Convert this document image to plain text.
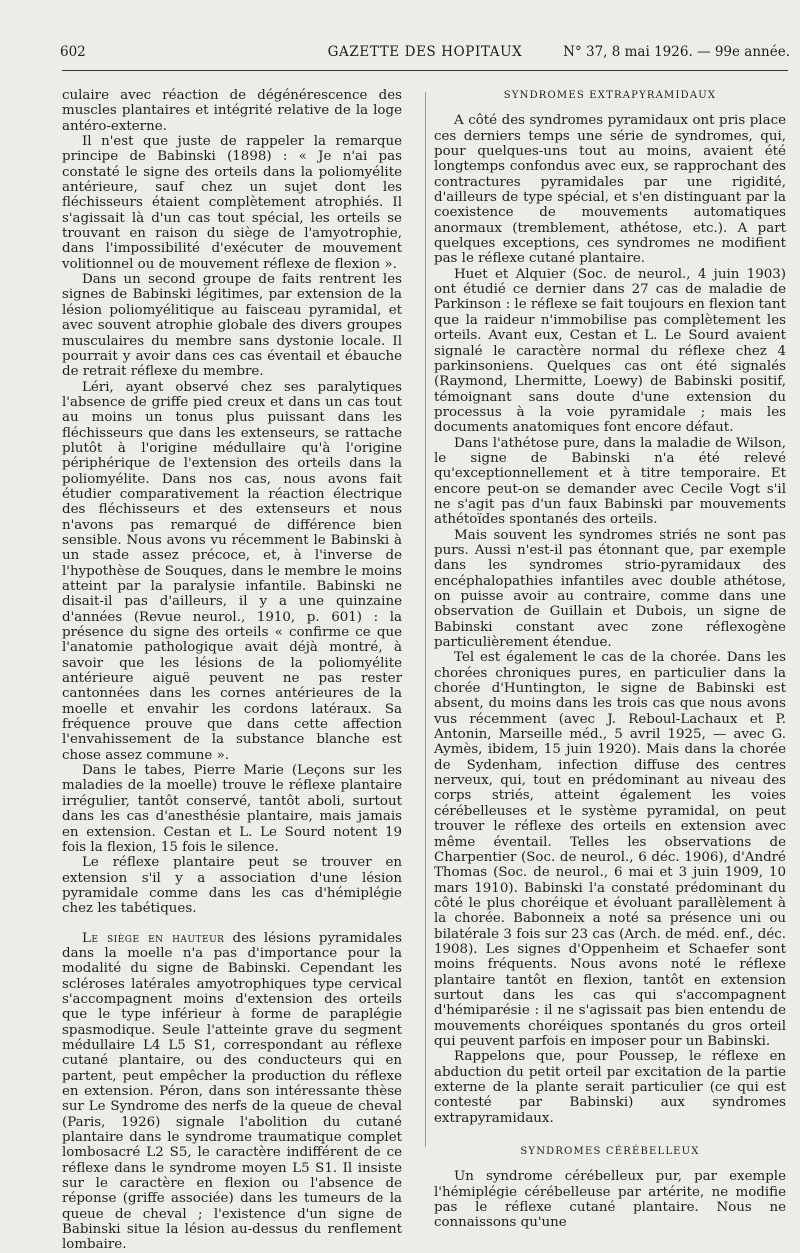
602	GAZETTE DES HOPITAUX	N° 37, 8 mai 1926. — 99e année.

culaire avec réaction de dégénérescence des muscles plantaires et intégrité relative de la loge antéro-externe.

Il n'est que juste de rappeler la remarque principe de Babinski (1898) : « Je n'ai pas constaté le signe des orteils dans la poliomyélite antérieure, sauf chez un sujet dont les fléchisseurs étaient complètement atrophiés. Il s'agissait là d'un cas tout spécial, les orteils se trouvant en raison du siège de l'amyotrophie, dans l'impossibilité d'exécuter de mouvement volitionnel ou de mouvement réflexe de flexion ».

Dans un second groupe de faits rentrent les signes de Babinski légitimes, par extension de la lésion poliomyélitique au faisceau pyramidal, et avec souvent atrophie globale des divers groupes musculaires du membre sans dystonie locale. Il pourrait y avoir dans ces cas éventail et ébauche de retrait réflexe du membre.

Léri, ayant observé chez ses paralytiques l'absence de griffe pied creux et dans un cas tout au moins un tonus plus puissant dans les fléchisseurs que dans les extenseurs, se rattache plutôt à l'origine médullaire qu'à l'origine périphérique de l'extension des orteils dans la poliomyélite. Dans nos cas, nous avons fait étudier comparativement la réaction électrique des fléchisseurs et des extenseurs et nous n'avons pas remarqué de différence bien sensible. Nous avons vu récemment le Babinski à un stade assez précoce, et, à l'inverse de l'hypothèse de Souques, dans le membre le moins atteint par la paralysie infantile. Babinski ne disait-il pas d'ailleurs, il y a une quinzaine d'années (Revue neurol., 1910, p. 601) : la présence du signe des orteils « confirme ce que l'anatomie pathologique avait déjà montré, à savoir que les lésions de la poliomyélite antérieure aiguë peuvent ne pas rester cantonnées dans les cornes antérieures de la moelle et envahir les cordons latéraux. Sa fréquence prouve que dans cette affection l'envahissement de la substance blanche est chose assez commune ».

Dans le tabes, Pierre Marie (Leçons sur les maladies de la moelle) trouve le réflexe plantaire irrégulier, tantôt conservé, tantôt aboli, surtout dans les cas d'anesthésie plantaire, mais jamais en extension. Cestan et L. Le Sourd notent 19 fois la flexion, 15 fois le silence.

Le réflexe plantaire peut se trouver en extension s'il y a association d'une lésion pyramidale comme dans les cas d'hémiplégie chez les tabétiques.

Le siège en hauteur des lésions pyramidales dans la moelle n'a pas d'importance pour la modalité du signe de Babinski. Cependant les scléroses latérales amyotrophiques type cervical s'accompagnent moins d'extension des orteils que le type inférieur à forme de paraplégie spasmodique. Seule l'atteinte grave du segment médullaire L4 L5 S1, correspondant au réflexe cutané plantaire, ou des conducteurs qui en partent, peut empêcher la production du réflexe en extension. Péron, dans son intéressante thèse sur Le Syndrome des nerfs de la queue de cheval (Paris, 1926) signale l'abolition du cutané plantaire dans le syndrome traumatique complet lombosacré L2 S5, le caractère indifférent de ce réflexe dans le syndrome moyen L5 S1. Il insiste sur le caractère en flexion ou l'absence de réponse (griffe associée) dans les tumeurs de la queue de cheval ; l'existence d'un signe de Babinski situe la lésion au-dessus du renflement lombaire.

SYNDROMES EXTRAPYRAMIDAUX

A côté des syndromes pyramidaux ont pris place ces derniers temps une série de syndromes, qui, pour quelques-uns tout au moins, avaient été longtemps confondus avec eux, se rapprochant des contractures pyramidales par une rigidité, d'ailleurs de type spécial, et s'en distinguant par la coexistence de mouvements automatiques anormaux (tremblement, athétose, etc.). A part quelques exceptions, ces syndromes ne modifient pas le réflexe cutané plantaire.

Huet et Alquier (Soc. de neurol., 4 juin 1903) ont étudié ce dernier dans 27 cas de maladie de Parkinson : le réflexe se fait toujours en flexion tant que la raideur n'immobilise pas complètement les orteils. Avant eux, Cestan et L. Le Sourd avaient signalé le caractère normal du réflexe chez 4 parkinsoniens. Quelques cas ont été signalés (Raymond, Lhermitte, Loewy) de Babinski positif, témoignant sans doute d'une extension du processus à la voie pyramidale ; mais les documents anatomiques font encore défaut.

Dans l'athétose pure, dans la maladie de Wilson, le signe de Babinski n'a été relevé qu'exceptionnellement et à titre temporaire. Et encore peut-on se demander avec Cecile Vogt s'il ne s'agit pas d'un faux Babinski par mouvements athétoïdes spontanés des orteils.

Mais souvent les syndromes striés ne sont pas purs. Aussi n'est-il pas étonnant que, par exemple dans les syndromes strio-pyramidaux des encéphalopathies infantiles avec double athétose, on puisse avoir au contraire, comme dans une observation de Guillain et Dubois, un signe de Babinski constant avec zone réflexogène particulièrement étendue.

Tel est également le cas de la chorée. Dans les chorées chroniques pures, en particulier dans la chorée d'Huntington, le signe de Babinski est absent, du moins dans les trois cas que nous avons vus récemment (avec J. Reboul-Lachaux et P. Antonin, Marseille méd., 5 avril 1925, — avec G. Aymès, ibidem, 15 juin 1920). Mais dans la chorée de Sydenham, infection diffuse des centres nerveux, qui, tout en prédominant au niveau des corps striés, atteint également les voies cérébelleuses et le système pyramidal, on peut trouver le réflexe des orteils en extension avec même éventail. Telles les observations de Charpentier (Soc. de neurol., 6 déc. 1906), d'André Thomas (Soc. de neurol., 6 mai et 3 juin 1909, 10 mars 1910). Babinski l'a constaté prédominant du côté le plus choréique et évoluant parallèlement à la chorée. Babonneix a noté sa présence uni ou bilatérale 3 fois sur 23 cas (Arch. de méd. enf., déc. 1908). Les signes d'Oppenheim et Schaefer sont moins fréquents. Nous avons noté le réflexe plantaire tantôt en flexion, tantôt en extension surtout dans les cas qui s'accompagnent d'hémiparésie : il ne s'agissait pas bien entendu de mouvements choréiques spontanés du gros orteil qui peuvent parfois en imposer pour un Babinski.

Rappelons que, pour Poussep, le réflexe en abduction du petit orteil par excitation de la partie externe de la plante serait particulier (ce qui est contesté par Babinski) aux syndromes extrapyramidaux.

SYNDROMES CÉRÉBELLEUX

Un syndrome cérébelleux pur, par exemple l'hémiplégie cérébelleuse par artérite, ne modifie pas le réflexe cutané plantaire. Nous ne connaissons qu'une
